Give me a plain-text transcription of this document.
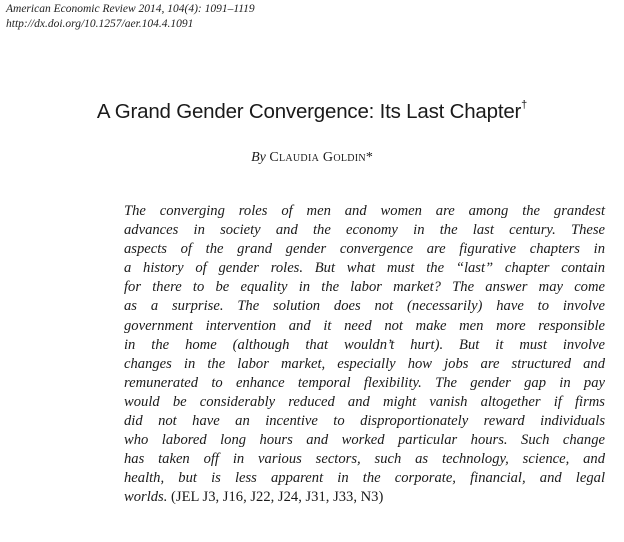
American Economic Review 2014, 104(4): 1091–1119
http://dx.doi.org/10.1257/aer.104.4.1091
A Grand Gender Convergence: Its Last Chapter†
By Claudia Goldin*
The converging roles of men and women are among the grandest
advances in society and the economy in the last century. These
aspects of the grand gender convergence are figurative chapters in
a history of gender roles. But what must the “last” chapter contain
for there to be equality in the labor market? The answer may come
as a surprise. The solution does not (necessarily) have to involve
government intervention and it need not make men more responsible
in the home (although that wouldn’t hurt). But it must involve
changes in the labor market, especially how jobs are structured and
remunerated to enhance temporal flexibility. The gender gap in pay
would be considerably reduced and might vanish altogether if firms
did not have an incentive to disproportionately reward individuals
who labored long hours and worked particular hours. Such change
has taken off in various sectors, such as technology, science, and
health, but is less apparent in the corporate, financial, and legal
worlds. (JEL J3, J16, J22, J24, J31, J33, N3)
